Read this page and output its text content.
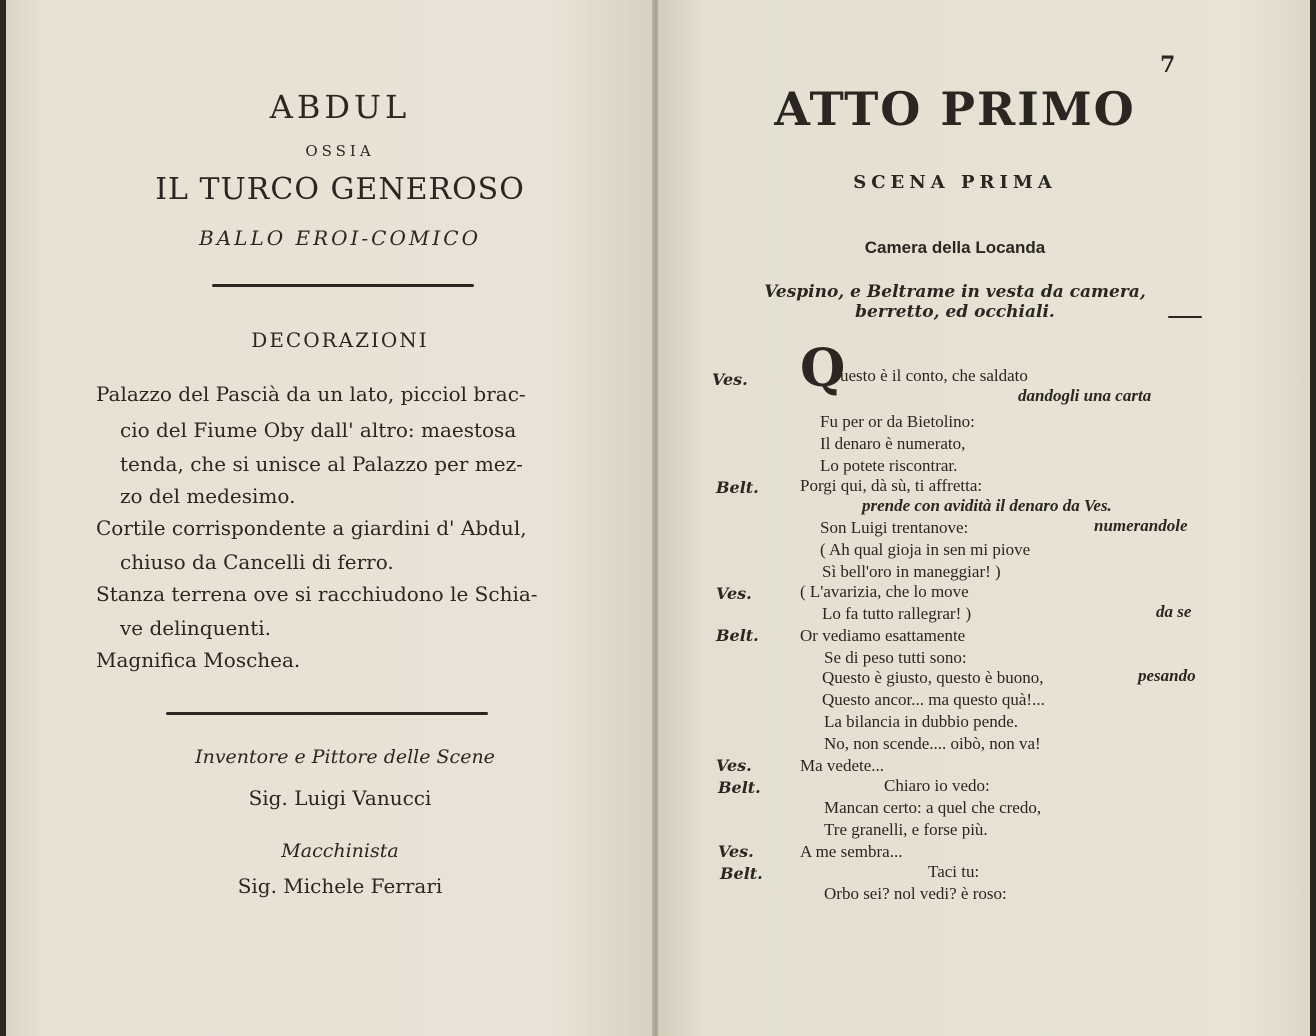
ABDUL
OSSIA
IL TURCO GENEROSO
BALLO EROI-COMICO
DECORAZIONI
Palazzo del Pascià da un lato, picciol brac-
cio del Fiume Oby dall' altro: maestosa
tenda, che si unisce al Palazzo per mez-
zo del medesimo.
Cortile corrispondente a giardini d' Abdul,
chiuso da Cancelli di ferro.
Stanza terrena ove si racchiudono le Schia-
ve delinquenti.
Magnifica Moschea.
Inventore e Pittore delle Scene
Sig. Luigi Vanucci
Macchinista
Sig. Michele Ferrari
7
ATTO PRIMO
SCENA PRIMA
Camera della Locanda
Vespino, e Beltrame in vesta da camera,
berretto, ed occhiali.
Q
Ves.
Belt.
Ves.
Belt.
Ves.
Belt.
Ves.
Belt.
uesto è il conto, che saldato
dandogli una carta
Fu per or da Bietolino:
Il denaro è numerato,
Lo potete riscontrar.
Porgi qui, dà sù, ti affretta:
prende con avidità il denaro da Ves.
Son Luigi trentanove:	numerandole
( Ah qual gioja in sen mi piove
Sì bell'oro in maneggiar! )
( L'avarizia, che lo move
Lo fa tutto rallegrar! )	da se
Or vediamo esattamente
Se di peso tutti sono:
Questo è giusto, questo è buono,	pesando
Questo ancor... ma questo quà!...
La bilancia in dubbio pende.
No, non scende.... oibò, non va!
Ma vedete...
Chiaro io vedo:
Mancan certo: a quel che credo,
Tre granelli, e forse più.
A me sembra...
Taci tu:
Orbo sei? nol vedi? è roso:
